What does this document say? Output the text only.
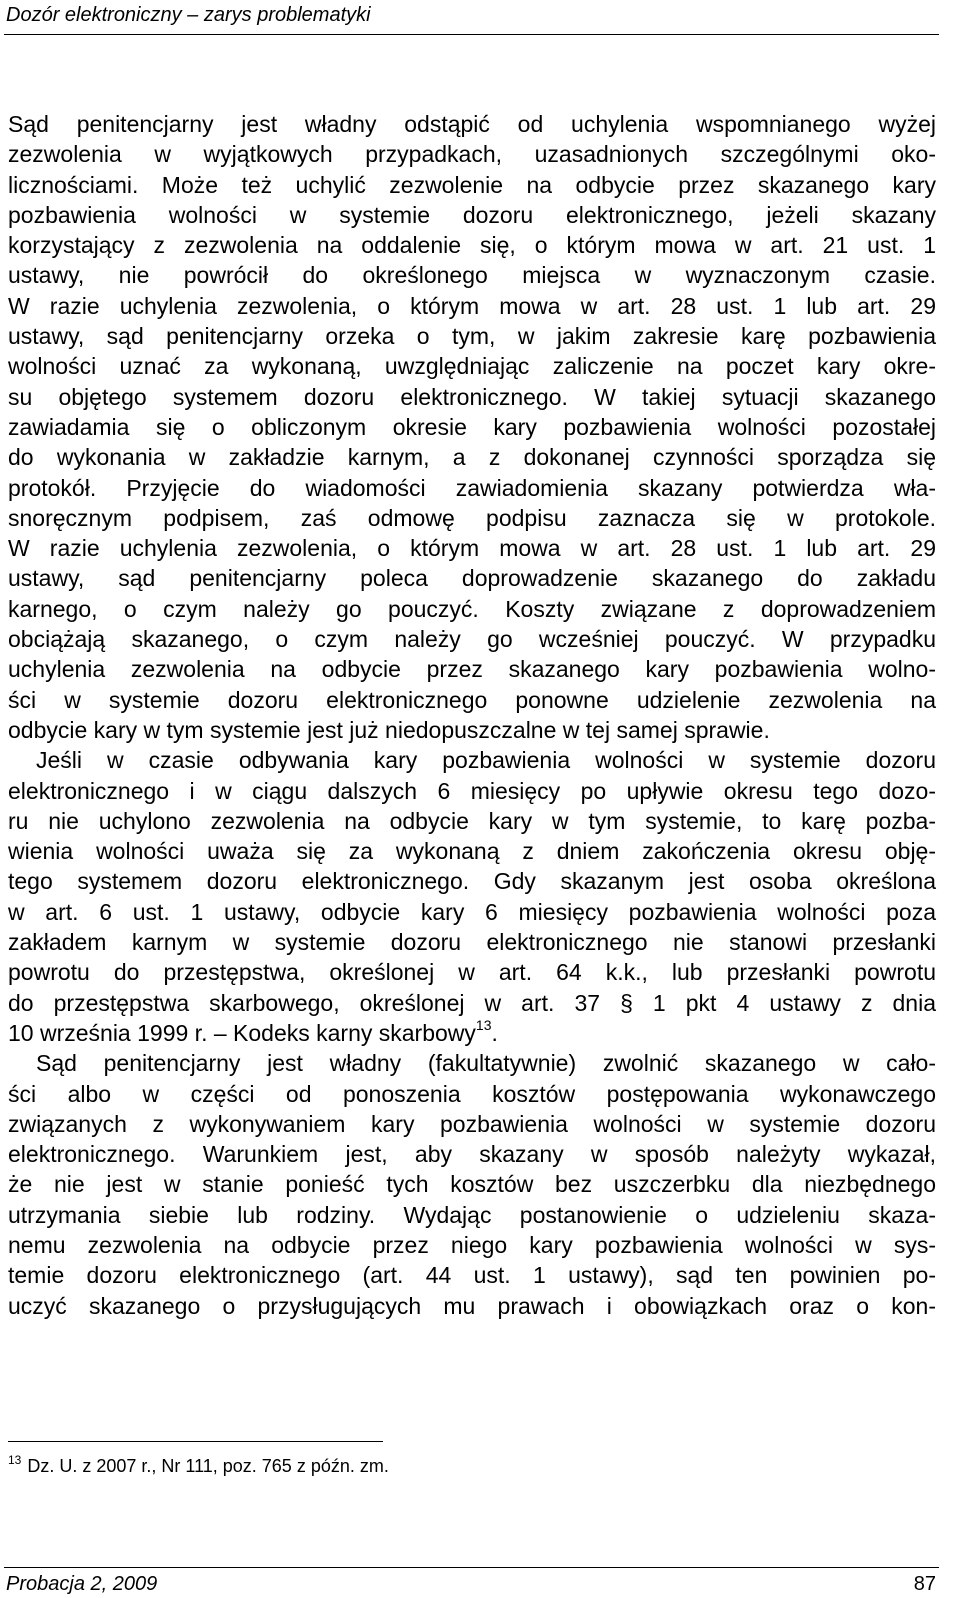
Dozór elektroniczny – zarys problematyki
Sąd penitencjarny jest władny odstąpić od uchylenia wspomnianego wyżej
zezwolenia w wyjątkowych przypadkach, uzasadnionych szczególnymi oko-
licznościami. Może też uchylić zezwolenie na odbycie przez skazanego kary
pozbawienia wolności w systemie dozoru elektronicznego, jeżeli skazany
korzystający z zezwolenia na oddalenie się, o którym mowa w art. 21 ust. 1
ustawy, nie powrócił do określonego miejsca w wyznaczonym czasie.
W razie uchylenia zezwolenia, o którym mowa w art. 28 ust. 1 lub art. 29
ustawy, sąd penitencjarny orzeka o tym, w jakim zakresie karę pozbawienia
wolności uznać za wykonaną, uwzględniając zaliczenie na poczet kary okre-
su objętego systemem dozoru elektronicznego. W takiej sytuacji skazanego
zawiadamia się o obliczonym okresie kary pozbawienia wolności pozostałej
do wykonania w zakładzie karnym, a z dokonanej czynności sporządza się
protokół. Przyjęcie do wiadomości zawiadomienia skazany potwierdza wła-
snoręcznym podpisem, zaś odmowę podpisu zaznacza się w protokole.
W razie uchylenia zezwolenia, o którym mowa w art. 28 ust. 1 lub art. 29
ustawy, sąd penitencjarny poleca doprowadzenie skazanego do zakładu
karnego, o czym należy go pouczyć. Koszty związane z doprowadzeniem
obciążają skazanego, o czym należy go wcześniej pouczyć. W przypadku
uchylenia zezwolenia na odbycie przez skazanego kary pozbawienia wolno-
ści w systemie dozoru elektronicznego ponowne udzielenie zezwolenia na
odbycie kary w tym systemie jest już niedopuszczalne w tej samej sprawie.
Jeśli w czasie odbywania kary pozbawienia wolności w systemie dozoru
elektronicznego i w ciągu dalszych 6 miesięcy po upływie okresu tego dozo-
ru nie uchylono zezwolenia na odbycie kary w tym systemie, to karę pozba-
wienia wolności uważa się za wykonaną z dniem zakończenia okresu obję-
tego systemem dozoru elektronicznego. Gdy skazanym jest osoba określona
w art. 6 ust. 1 ustawy, odbycie kary 6 miesięcy pozbawienia wolności poza
zakładem karnym w systemie dozoru elektronicznego nie stanowi przesłanki
powrotu do przestępstwa, określonej w art. 64 k.k., lub przesłanki powrotu
do przestępstwa skarbowego, określonej w art. 37 § 1 pkt 4 ustawy z dnia
10 września 1999 r. – Kodeks karny skarbowy$^{13}$.
Sąd penitencjarny jest władny (fakultatywnie) zwolnić skazanego w cało-
ści albo w części od ponoszenia kosztów postępowania wykonawczego
związanych z wykonywaniem kary pozbawienia wolności w systemie dozoru
elektronicznego. Warunkiem jest, aby skazany w sposób należyty wykazał,
że nie jest w stanie ponieść tych kosztów bez uszczerbku dla niezbędnego
utrzymania siebie lub rodziny. Wydając postanowienie o udzieleniu skaza-
nemu zezwolenia na odbycie przez niego kary pozbawienia wolności w sys-
temie dozoru elektronicznego (art. 44 ust. 1 ustawy), sąd ten powinien po-
uczyć skazanego o przysługujących mu prawach i obowiązkach oraz o kon-
$^{13}$ Dz. U. z 2007 r., Nr 111, poz. 765 z późn. zm.
Probacja 2, 2009	87
